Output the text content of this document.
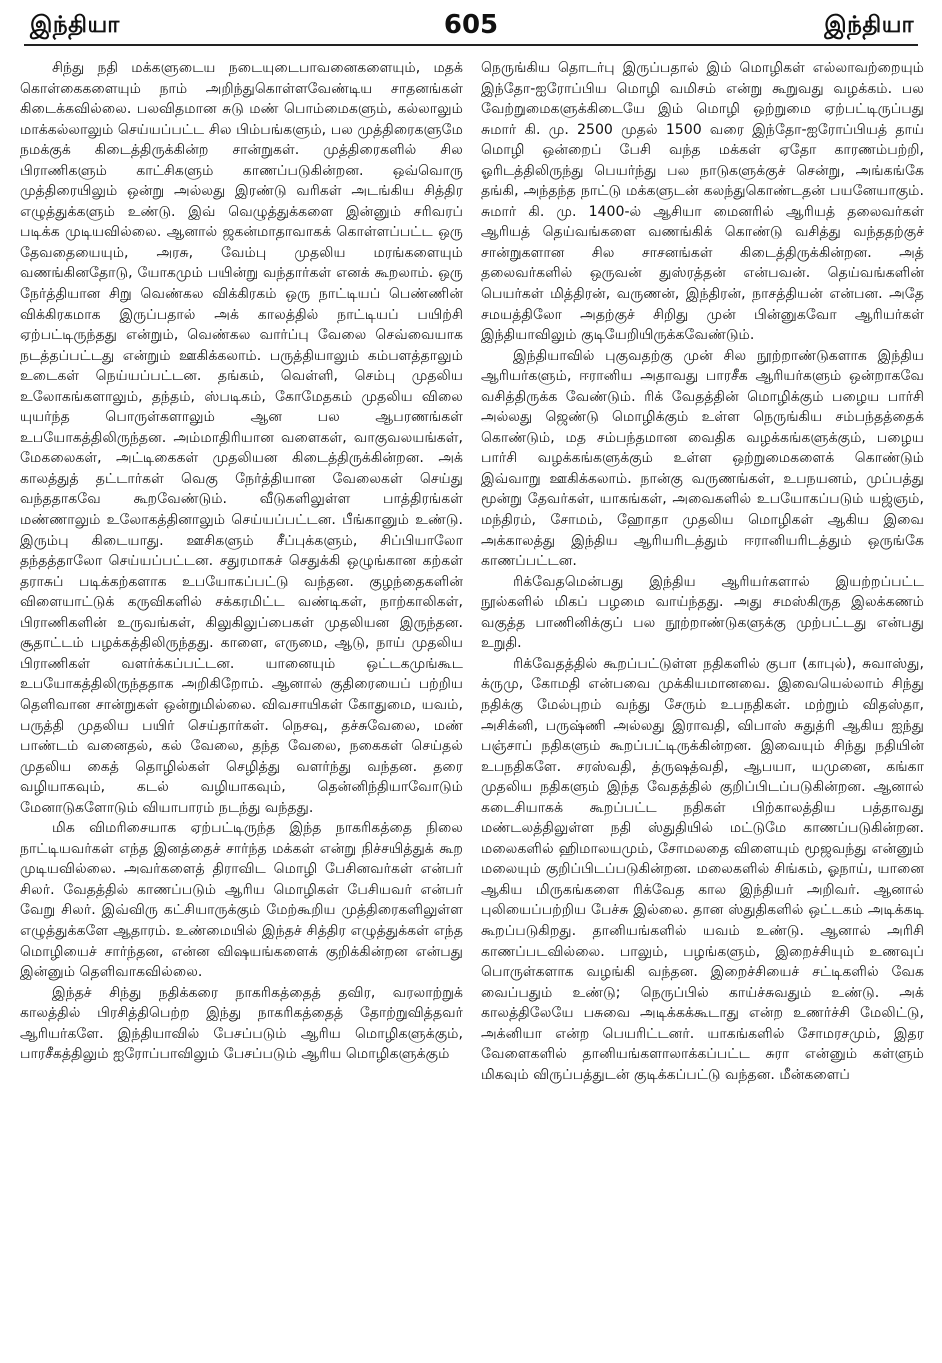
இந்தியா	605	இந்தியா

சிந்து நதி மக்களுடைய நடையுடைபாவனைகளையும், மதக் கொள்கைகளையும் நாம் அறிந்துகொள்ளவேண்டிய சாதனங்கள் கிடைக்கவில்லை. பலவிதமான சுடு மண் பொம்மைகளும், கல்லாலும் மாக்கல்லாலும் செய்யப்பட்ட சில பிம்பங்களும், பல முத்திரைகளுமே நமக்குக் கிடைத்திருக்கின்ற சான்றுகள். முத்திரைகளில் சில பிராணிகளும் காட்சிகளும் காணப்படுகின்றன. ஒவ்வொரு முத்திரையிலும் ஒன்று அல்லது இரண்டு வரிகள் அடங்கிய சித்திர எழுத்துக்களும் உண்டு. இவ் வெழுத்துக்களை இன்னும் சரிவரப் படிக்க முடியவில்லை. ஆனால் ஜகன்மாதாவாகக் கொள்ளப்பட்ட ஒரு தேவதையையும், அரசு, வேம்பு முதலிய மரங்களையும் வணங்கினதோடு, யோகமும் பயின்று வந்தார்கள் எனக் கூறலாம். ஒரு நேர்த்தியான சிறு வெண்கல விக்கிரகம் ஒரு நாட்டியப் பெண்ணின் விக்கிரகமாக இருப்பதால் அக் காலத்தில் நாட்டியப் பயிற்சி ஏற்பட்டிருந்தது என்றும், வெண்கல வார்ப்பு வேலை செவ்வையாக நடத்தப்பட்டது என்றும் ஊகிக்கலாம். பருத்தியாலும் கம்பளத்தாலும் உடைகள் நெய்யப்பட்டன. தங்கம், வெள்ளி, செம்பு முதலிய உலோகங்களாலும், தந்தம், ஸ்படிகம், கோமேதகம் முதலிய விலை யுயர்ந்த பொருள்களாலும் ஆன பல ஆபரணங்கள் உபயோகத்திலிருந்தன. அம்மாதிரியான வளைகள், வாகுவலயங்கள், மேகலைகள், அட்டிகைகள் முதலியன கிடைத்திருக்கின்றன. அக் காலத்துத் தட்டார்கள் வெகு நேர்த்தியான வேலைகள் செய்து வந்ததாகவே கூறவேண்டும். வீடுகளிலுள்ள பாத்திரங்கள் மண்ணாலும் உலோகத்தினாலும் செய்யப்பட்டன. பீங்கானும் உண்டு. இரும்பு கிடையாது. ஊசிகளும் சீப்புக்களும், சிப்பியாலோ தந்தத்தாலோ செய்யப்பட்டன. சதுரமாகச் செதுக்கி ஒழுங்கான கற்கள் தராசுப் படிக்கற்களாக உபயோகப்பட்டு வந்தன. குழந்தைகளின் விளையாட்டுக் கருவிகளில் சக்கரமிட்ட வண்டிகள், நாற்காலிகள், பிராணிகளின் உருவங்கள், கிலுகிலுப்பைகள் முதலியன இருந்தன. சூதாட்டம் பழக்கத்திலிருந்தது. காளை, எருமை, ஆடு, நாய் முதலிய பிராணிகள் வளர்க்கப்பட்டன. யானையும் ஒட்டகமுங்கூட உபயோகத்திலிருந்ததாக அறிகிறோம். ஆனால் குதிரையைப் பற்றிய தெளிவான சான்றுகள் ஒன்றுமில்லை. விவசாயிகள் கோதுமை, யவம், பருத்தி முதலிய பயிர் செய்தார்கள். நெசவு, தச்சுவேலை, மண் பாண்டம் வனைதல், கல் வேலை, தந்த வேலை, நகைகள் செய்தல் முதலிய கைத் தொழில்கள் செழித்து வளர்ந்து வந்தன. தரை வழியாகவும், கடல் வழியாகவும், தென்னிந்தியாவோடும் மேனாடுகளோடும் வியாபாரம் நடந்து வந்தது.

மிக விமரிசையாக ஏற்பட்டிருந்த இந்த நாகரிகத்தை நிலை நாட்டியவர்கள் எந்த இனத்தைச் சார்ந்த மக்கள் என்று நிச்சயித்துக் கூற முடியவில்லை. அவர்களைத் திராவிட மொழி பேசினவர்கள் என்பர் சிலர். வேதத்தில் காணப்படும் ஆரிய மொழிகள் பேசியவர் என்பர் வேறு சிலர். இவ்விரு கட்சியாருக்கும் மேற்கூறிய முத்திரைகளிலுள்ள எழுத்துக்களே ஆதாரம். உண்மையில் இந்தச் சித்திர எழுத்துக்கள் எந்த மொழியைச் சார்ந்தன, என்ன விஷயங்களைக் குறிக்கின்றன என்பது இன்னும் தெளிவாகவில்லை.

இந்தச் சிந்து நதிக்கரை நாகரிகத்தைத் தவிர, வரலாற்றுக் காலத்தில் பிரசித்திபெற்ற இந்து நாகரிகத்தைத் தோற்றுவித்தவர் ஆரியர்களே. இந்தியாவில் பேசப்படும் ஆரிய மொழிகளுக்கும், பாரசீகத்திலும் ஐரோப்பாவிலும் பேசப்படும் ஆரிய மொழிகளுக்கும்

நெருங்கிய தொடர்பு இருப்பதால் இம் மொழிகள் எல்லாவற்றையும் இந்தோ-ஐரோப்பிய மொழி வமிசம் என்று கூறுவது வழக்கம். பல வேற்றுமைகளுக்கிடையே இம் மொழி ஒற்றுமை ஏற்பட்டிருப்பது சுமார் கி. மு. 2500 முதல் 1500 வரை இந்தோ-ஐரோப்பியத் தாய் மொழி ஒன்றைப் பேசி வந்த மக்கள் ஏதோ காரணம்பற்றி, ஓரிடத்திலிருந்து பெயர்ந்து பல நாடுகளுக்குச் சென்று, அங்கங்கே தங்கி, அந்தந்த நாட்டு மக்களுடன் கலந்துகொண்டதன் பயனேயாகும். சுமார் கி. மு. 1400-ல் ஆசியா மைனரில் ஆரியத் தலைவர்கள் ஆரியத் தெய்வங்களை வணங்கிக் கொண்டு வசித்து வந்ததற்குச் சான்றுகளான சில சாசனங்கள் கிடைத்திருக்கின்றன. அத் தலைவர்களில் ஒருவன் துஸ்ரத்தன் என்பவன். தெய்வங்களின் பெயர்கள் மித்திரன், வருணன், இந்திரன், நாசத்தியன் என்பன. அதே சமயத்திலோ அதற்குச் சிறிது முன் பின்னுகவோ ஆரியர்கள் இந்தியாவிலும் குடியேறியிருக்கவேண்டும்.

இந்தியாவில் புகுவதற்கு முன் சில நூற்றாண்டுகளாக இந்திய ஆரியர்களும், ஈரானிய அதாவது பாரசீக ஆரியர்களும் ஒன்றாகவே வசித்திருக்க வேண்டும். ரிக் வேதத்தின் மொழிக்கும் பழைய பார்சி அல்லது ஜெண்டு மொழிக்கும் உள்ள நெருங்கிய சம்பந்தத்தைக் கொண்டும், மத சம்பந்தமான வைதிக வழக்கங்களுக்கும், பழைய பார்சி வழக்கங்களுக்கும் உள்ள ஒற்றுமைகளைக் கொண்டும் இவ்வாறு ஊகிக்கலாம். நான்கு வருணங்கள், உபநயனம், முப்பத்து மூன்று தேவர்கள், யாகங்கள், அவைகளில் உபயோகப்படும் யஜ்ஞம், மந்திரம், சோமம், ஹோதா முதலிய மொழிகள் ஆகிய இவை அக்காலத்து இந்திய ஆரியரிடத்தும் ஈரானியரிடத்தும் ஒருங்கே காணப்பட்டன.

ரிக்வேதமென்பது இந்திய ஆரியர்களால் இயற்றப்பட்ட நூல்களில் மிகப் பழமை வாய்ந்தது. அது சமஸ்கிருத இலக்கணம் வகுத்த பாணினிக்குப் பல நூற்றாண்டுகளுக்கு முற்பட்டது என்பது உறுதி.

ரிக்வேதத்தில் கூறப்பட்டுள்ள நதிகளில் குபா (காபுல்), சுவாஸ்து, க்ருமு, கோமதி என்பவை முக்கியமானவை. இவையெல்லாம் சிந்து நதிக்கு மேல்புறம் வந்து சேரும் உபநதிகள். மற்றும் விதஸ்தா, அசிக்னி, பருஷ்ணி அல்லது இராவதி, விபாஸ் சுதுத்ரி ஆகிய ஐந்து பஞ்சாப் நதிகளும் கூறப்பட்டிருக்கின்றன. இவையும் சிந்து நதியின் உபநதிகளே. சரஸ்வதி, த்ருஷத்வதி, ஆபயா, யமுனை, கங்கா முதலிய நதிகளும் இந்த வேதத்தில் குறிப்பிடப்படுகின்றன. ஆனால் கடைசியாகக் கூறப்பட்ட நதிகள் பிற்காலத்திய பத்தாவது மண்டலத்திலுள்ள நதி ஸ்துதியில் மட்டுமே காணப்படுகின்றன. மலைகளில் ஹிமாலயமும், சோமலதை விளையும் மூஜவந்து என்னும் மலையும் குறிப்பிடப்படுகின்றன. மலைகளில் சிங்கம், ஓநாய், யானை ஆகிய மிருகங்களை ரிக்வேத கால இந்தியர் அறிவர். ஆனால் புலியைப்பற்றிய பேச்சு இல்லை. தான ஸ்துதிகளில் ஒட்டகம் அடிக்கடி கூறப்படுகிறது. தானியங்களில் யவம் உண்டு. ஆனால் அரிசி காணப்படவில்லை. பாலும், பழங்களும், இறைச்சியும் உணவுப் பொருள்களாக வழங்கி வந்தன. இறைச்சியைச் சட்டிகளில் வேக வைப்பதும் உண்டு; நெருப்பில் காய்ச்சுவதும் உண்டு. அக் காலத்திலேயே பசுவை அடிக்கக்கூடாது என்ற உணர்ச்சி மேலிட்டு, அக்னியா என்ற பெயரிட்டனர். யாகங்களில் சோமரசமும், இதர வேளைகளில் தானியங்களாலாக்கப்பட்ட சுரா என்னும் கள்ளும் மிகவும் விருப்பத்துடன் குடிக்கப்பட்டு வந்தன. மீன்களைப்
